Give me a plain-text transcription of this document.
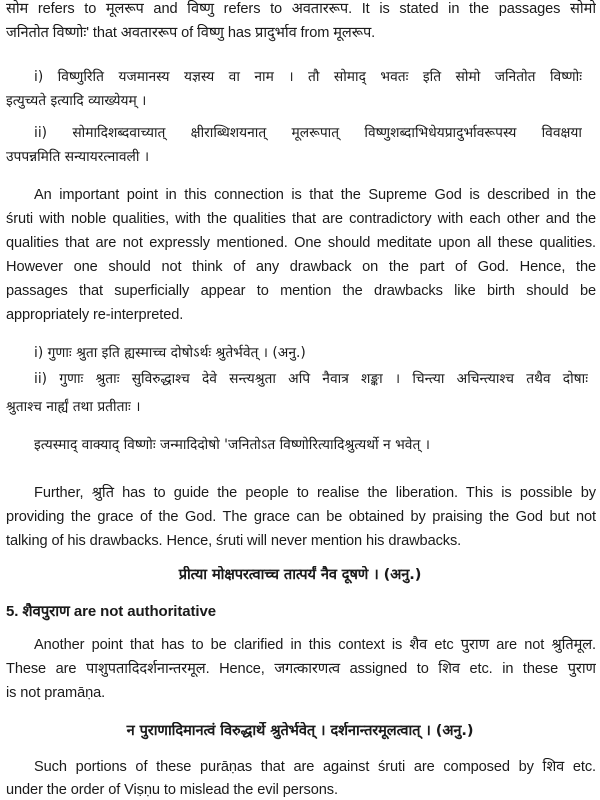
सोम refers to मूलरूप and विष्णु refers to अवताररूप. It is stated in the passages सोमो
जनितोत विष्णोः' that अवताररूप of विष्णु has प्रादुर्भाव from मूलरूप.
i) विष्णुरिति यजमानस्य यज्ञस्य वा नाम । तौ सोमाद् भवतः इति सोमो जनितोत विष्णोः
इत्युच्यते इत्यादि व्याख्येयम् ।
ii) सोमादिशब्दवाच्यात् क्षीराब्धिशयनात् मूलरूपात् विष्णुशब्दाभिधेयप्रादुर्भावरूपस्य विवक्षया
उपपन्नमिति सन्यायरत्नावली ।
An important point in this connection is that the Supreme God is described in the
śruti with noble qualities, with the qualities that are contradictory with each other and the
qualities that are not expressly mentioned. One should meditate upon all these qualities.
However one should not think of any drawback on the part of God. Hence, the
passages that superficially appear to mention the drawbacks like birth should be
appropriately re-interpreted.
i) गुणाः श्रुता इति ह्यस्माच्च दोषोऽर्थः श्रुतेर्भवेत् । (अनु.)
ii) गुणाः श्रुताः सुविरुद्धाश्च देवे सन्त्यश्रुता अपि नैवात्र शङ्का । चिन्त्या अचिन्त्याश्च तथैव दोषाः
श्रुताश्च नार्ह्यं तथा प्रतीताः ।
इत्यस्माद् वाक्याद् विष्णोः जन्मादिदोषो 'जनितोऽत विष्णोरित्यादिश्रुत्यर्थो न भवेत् ।
Further, श्रुति has to guide the people to realise the liberation. This is possible by
providing the grace of the God. The grace can be obtained by praising the God but not
talking of his drawbacks. Hence, śruti will never mention his drawbacks.
प्रीत्या मोक्षपरत्वाच्च तात्पर्यं नैव दूषणे । (अनु.)
5. शैवपुराण are not authoritative
Another point that has to be clarified in this context is शैव etc पुराण are not श्रुतिमूल.
These are पाशुपतादिदर्शनान्तरमूल. Hence, जगत्कारणत्व assigned to शिव etc. in these पुराण
is not pramāṇa.
न पुराणादिमानत्वं विरुद्धार्थे श्रुतेर्भवेत् । दर्शनान्तरमूलत्वात् । (अनु.)
Such portions of these purāṇas that are against śruti are composed by शिव etc.
under the order of Viṣṇu to mislead the evil persons.
